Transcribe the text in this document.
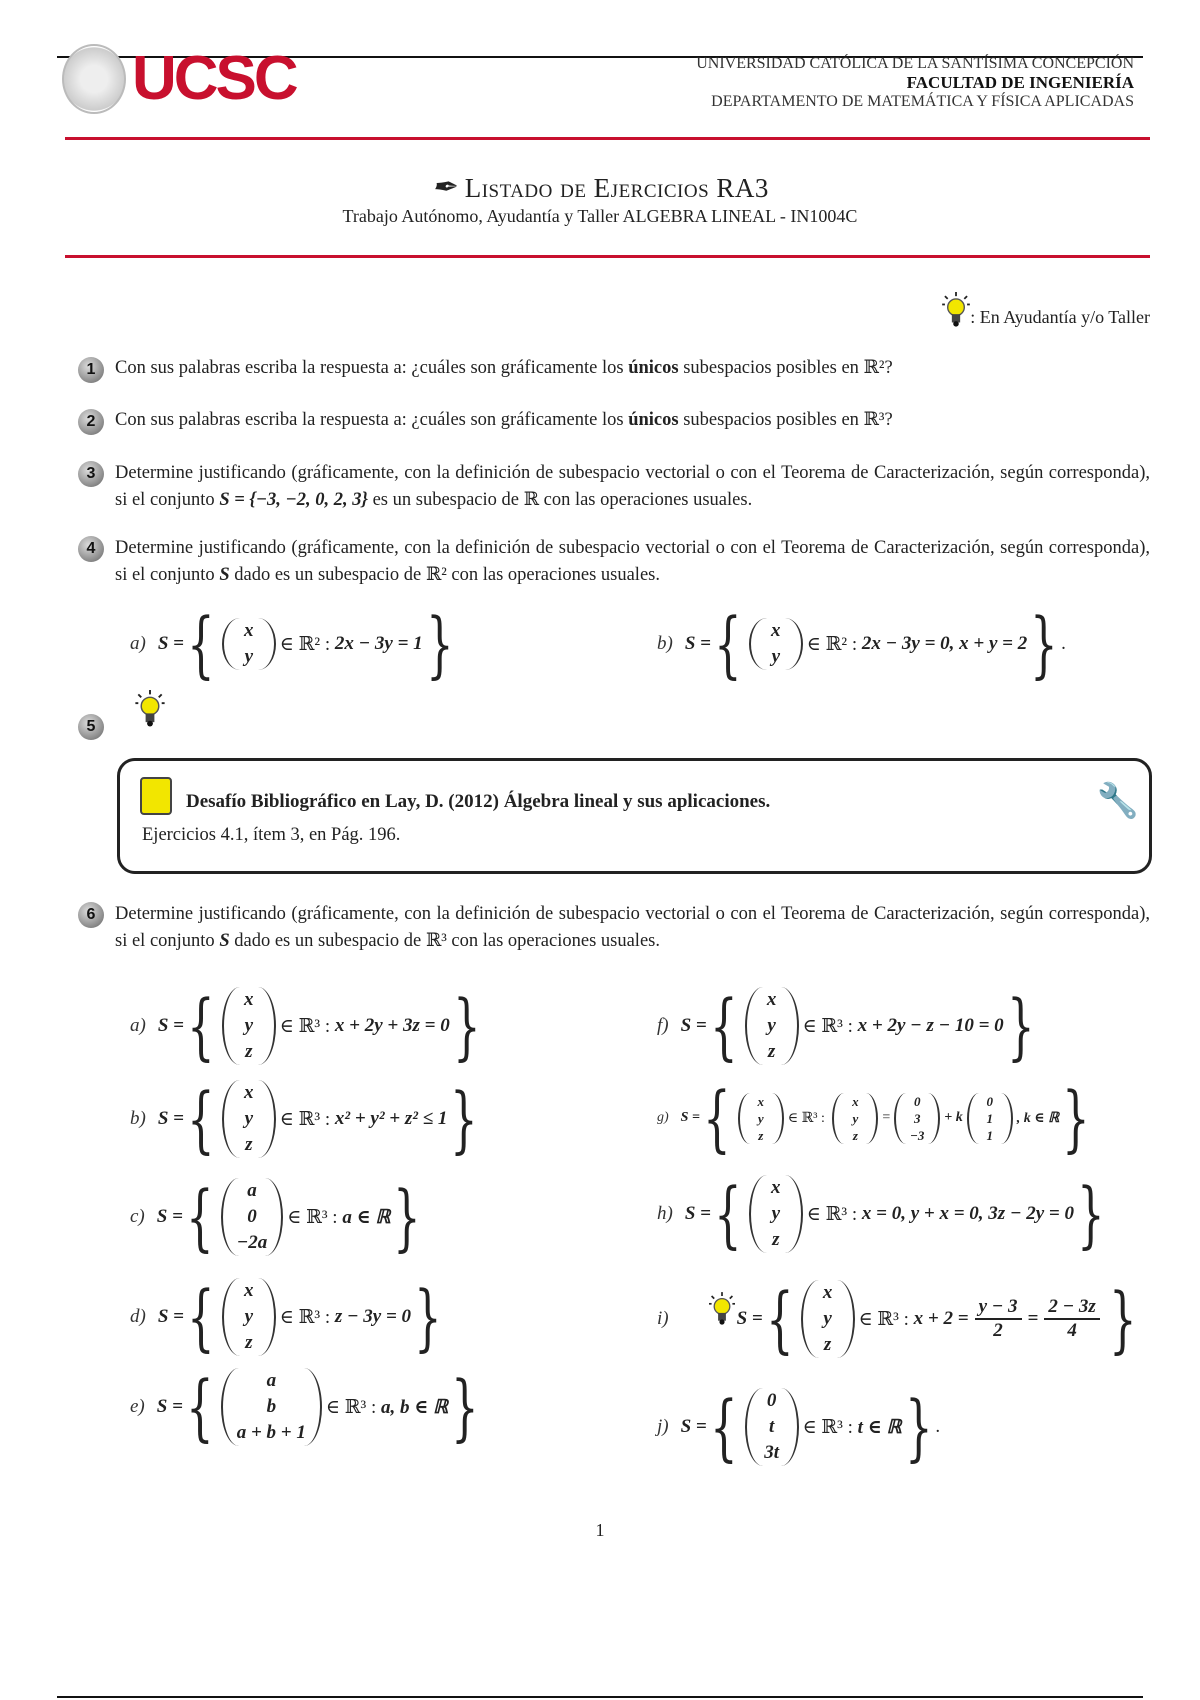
UCSC	UNIVERSIDAD CATÓLICA DE LA SANTÍSIMA CONCEPCIÓN
FACULTAD DE INGENIERÍA
DEPARTAMENTO DE MATEMÁTICA Y FÍSICA APLICADAS
✒ Listado de Ejercicios RA3
Trabajo Autónomo, Ayudantía y Taller ALGEBRA LINEAL - IN1004C
: En Ayudantía y/o Taller
1	Con sus palabras escriba la respuesta a: ¿cuáles son gráficamente los únicos subespacios posibles en ℝ²?
2	Con sus palabras escriba la respuesta a: ¿cuáles son gráficamente los únicos subespacios posibles en ℝ³?
3	Determine justificando (gráficamente, con la definición de subespacio vectorial o con el Teorema de Caracterización, según corresponda), si el conjunto S = {−3, −2, 0, 2, 3} es un subespacio de ℝ con las operaciones usuales.
4	Determine justificando (gráficamente, con la definición de subespacio vectorial o con el Teorema de Caracterización, según corresponda), si el conjunto S dado es un subespacio de ℝ² con las operaciones usuales.
a) S = { x
y
∈ ℝ² :
2x − 3y = 1 }	b) S = { x
y
∈ ℝ² :
2x − 3y = 0, x + y = 2 } .
5
Desafío Bibliográfico en Lay, D. (2012) Álgebra lineal y sus aplicaciones.
Ejercicios 4.1, ítem 3, en Pág. 196.
🔧
6	Determine justificando (gráficamente, con la definición de subespacio vectorial o con el Teorema de Caracterización, según corresponda), si el conjunto S dado es un subespacio de ℝ³ con las operaciones usuales.
a) S = { x
y
z
∈ ℝ³ :
x + 2y + 3z = 0 }
b) S = { x
y
z
∈ ℝ³ :
x² + y² + z² ≤ 1 }
c) S = { a
0
−2a
∈ ℝ³ :
a ∈ ℝ }
d) S = { x
y
z
∈ ℝ³ :
z − 3y = 0 }
e) S = {	a
b
a + b + 1
∈ ℝ³ :
a, b ∈ ℝ }
f) S = { x
y
z
∈ ℝ³ :
x + 2y − z − 10 = 0 }
g) S = { x
y
z
∈ ℝ³ :

x
y
z
=
0
3
−3
+ k
0
1
1
, k ∈ ℝ }
h) S = { x
y
z
∈ ℝ³ :
x = 0, y + x = 0, 3z − 2y = 0 }
i)	S = { x
y
z
∈ ℝ³ :
$x + 2 = \frac{y - 3}{2} = \frac{2 - 3z}{4}$ }
j) S = { 0
t
3t
∈ ℝ³ :
t ∈ ℝ } .
1
